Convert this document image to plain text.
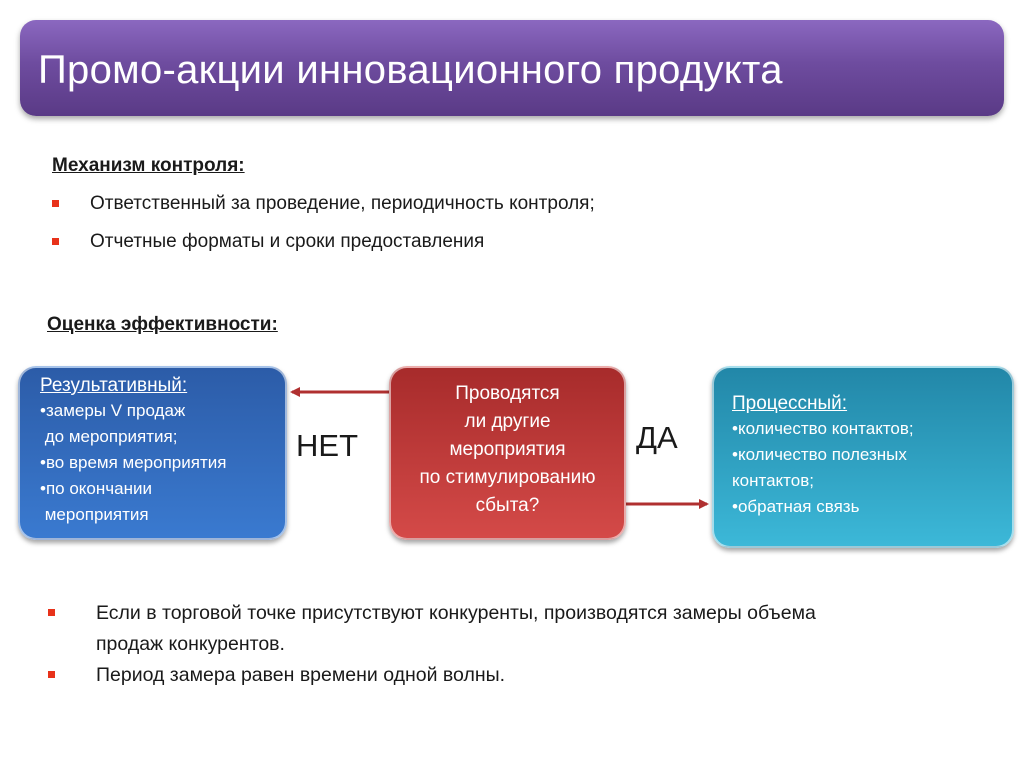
Промо-акции инновационного продукта
Механизм контроля:
Ответственный за проведение, периодичность контроля;
Отчетные форматы и сроки предоставления
Оценка эффективности:
Результативный:
•замеры V продаж
до мероприятия;
•во время мероприятия
•по окончании
мероприятия
Проводятся
ли другие
мероприятия
по стимулированию
сбыта?
Процессный:
•количество контактов;
•количество полезных
контактов;
•обратная связь
НЕТ	ДА
Если в торговой точке присутствуют конкуренты, производятся замеры объема
продаж конкурентов.
Период замера равен времени одной волны.
